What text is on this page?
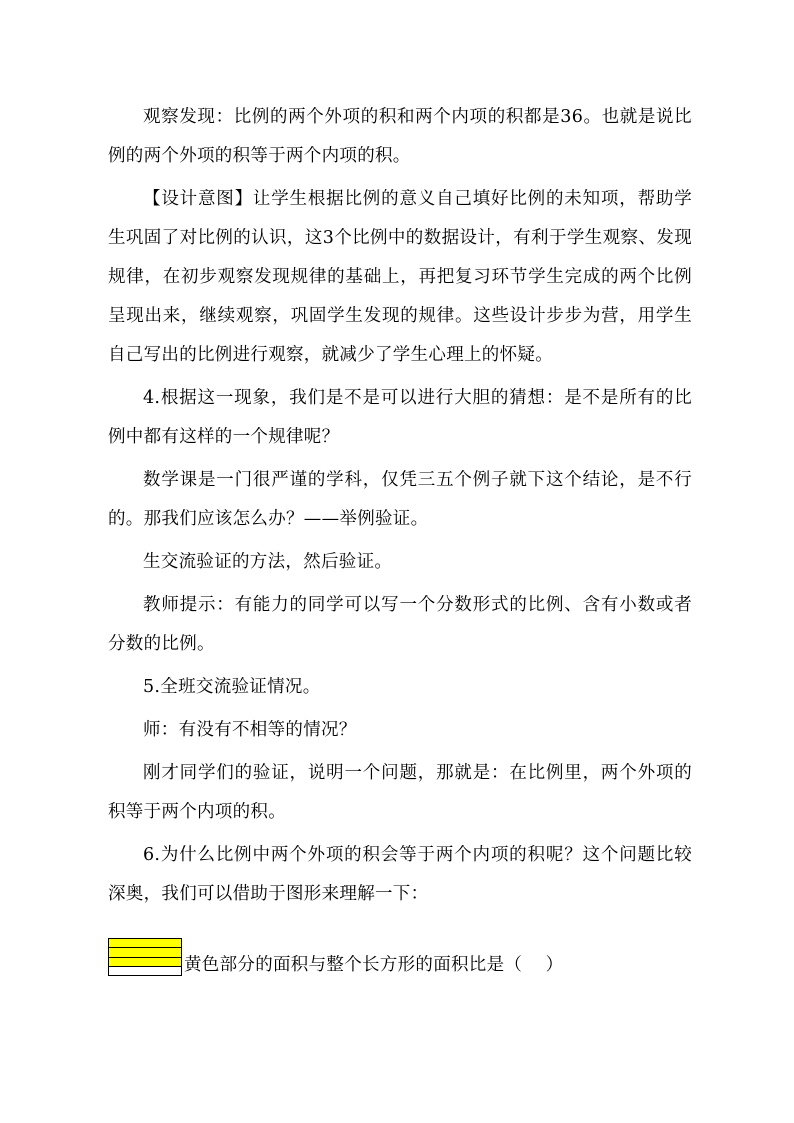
观察发现：比例的两个外项的积和两个内项的积都是36。也就是说比例的两个外项的积等于两个内项的积。

【设计意图】让学生根据比例的意义自己填好比例的未知项，帮助学生巩固了对比例的认识，这3个比例中的数据设计，有利于学生观察、发现规律，在初步观察发现规律的基础上，再把复习环节学生完成的两个比例呈现出来，继续观察，巩固学生发现的规律。这些设计步步为营，用学生自己写出的比例进行观察，就减少了学生心理上的怀疑。

4.根据这一现象，我们是不是可以进行大胆的猜想：是不是所有的比例中都有这样的一个规律呢？

数学课是一门很严谨的学科，仅凭三五个例子就下这个结论，是不行的。那我们应该怎么办？——举例验证。

生交流验证的方法，然后验证。

教师提示：有能力的同学可以写一个分数形式的比例、含有小数或者分数的比例。

5.全班交流验证情况。

师：有没有不相等的情况？

刚才同学们的验证，说明一个问题，那就是：在比例里，两个外项的积等于两个内项的积。

6.为什么比例中两个外项的积会等于两个内项的积呢？这个问题比较深奥，我们可以借助于图形来理解一下：

黄色部分的面积与整个长方形的面积比是（    ）
